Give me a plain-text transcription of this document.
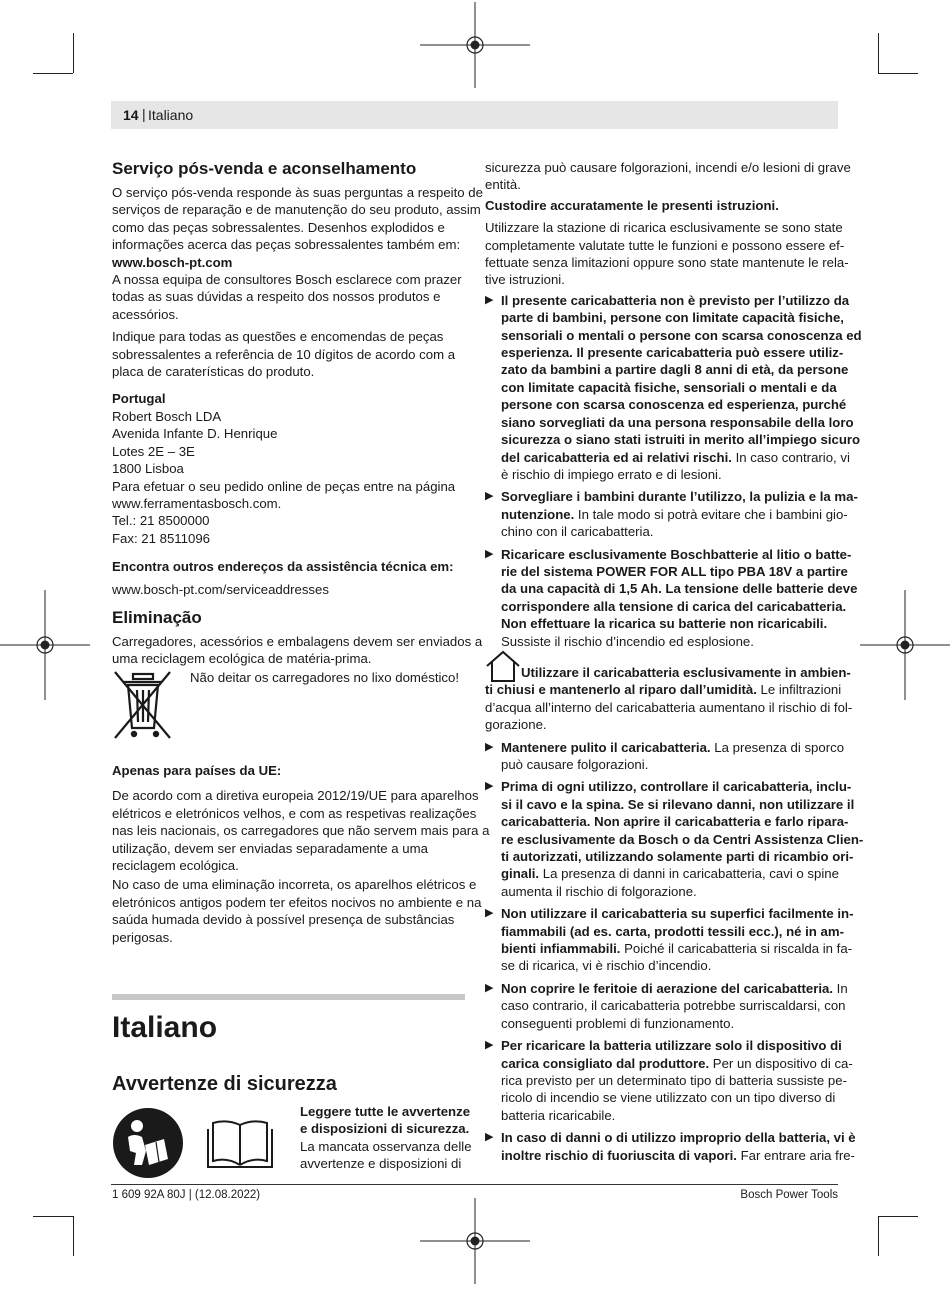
14 | Italiano
Serviço pós-venda e aconselhamento
O serviço pós-venda responde às suas perguntas a respeito de
serviços de reparação e de manutenção do seu produto, assim
como das peças sobressalentes. Desenhos explodidos e
informações acerca das peças sobressalentes também em:
www.bosch-pt.com
A nossa equipa de consultores Bosch esclarece com prazer
todas as suas dúvidas a respeito dos nossos produtos e
acessórios.
Indique para todas as questões e encomendas de peças
sobressalentes a referência de 10 dígitos de acordo com a
placa de caraterísticas do produto.
Portugal
Robert Bosch LDA
Avenida Infante D. Henrique
Lotes 2E – 3E
1800 Lisboa
Para efetuar o seu pedido online de peças entre na página
www.ferramentasbosch.com.
Tel.: 21 8500000
Fax: 21 8511096
Encontra outros endereços da assistência técnica em:
www.bosch-pt.com/serviceaddresses
Eliminação
Carregadores, acessórios e embalagens devem ser enviados a
uma reciclagem ecológica de matéria-prima.
Não deitar os carregadores no lixo doméstico!
Apenas para países da UE:
De acordo com a diretiva europeia 2012/19/UE para aparelhos
elétricos e eletrónicos velhos, e com as respetivas realizações
nas leis nacionais, os carregadores que não servem mais para a
utilização, devem ser enviadas separadamente a uma
reciclagem ecológica.
No caso de uma eliminação incorreta, os aparelhos elétricos e
eletrónicos antigos podem ter efeitos nocivos no ambiente e na
saúda humada devido à possível presença de substâncias
perigosas.
Italiano
Avvertenze di sicurezza
Leggere tutte le avvertenze
e disposizioni di sicurezza.
La mancata osservanza delle
avvertenze e disposizioni di
sicurezza può causare folgorazioni, incendi e/o lesioni di grave
entità.

Custodire accuratamente le presenti istruzioni.

Utilizzare la stazione di ricarica esclusivamente se sono state
completamente valutate tutte le funzioni e possono essere ef-
fettuate senza limitazioni oppure sono state mantenute le rela-
tive istruzioni.
▶ Il presente caricabatteria non è previsto per l’utilizzo da
parte di bambini, persone con limitate capacità fisiche,
sensoriali o mentali o persone con scarsa conoscenza ed
esperienza. Il presente caricabatteria può essere utiliz-
zato da bambini a partire dagli 8 anni di età, da persone
con limitate capacità fisiche, sensoriali o mentali e da
persone con scarsa conoscenza ed esperienza, purché
siano sorvegliati da una persona responsabile della loro
sicurezza o siano stati istruiti in merito all’impiego sicuro
del caricabatteria ed ai relativi rischi. In caso contrario, vi
è rischio di impiego errato e di lesioni.
▶ Sorvegliare i bambini durante l’utilizzo, la pulizia e la ma-
nutenzione. In tale modo si potrà evitare che i bambini gio-
chino con il caricabatteria.
▶ Ricaricare esclusivamente Boschbatterie al litio o batte-
rie del sistema POWER FOR ALL tipo PBA 18V a partire
da una capacità di 1,5 Ah. La tensione delle batterie deve
corrispondere alla tensione di carica del caricabatteria.
Non effettuare la ricarica su batterie non ricaricabili.
Sussiste il rischio d’incendio ed esplosione.
Utilizzare il caricabatteria esclusivamente in ambien-
ti chiusi e mantenerlo al riparo dall’umidità. Le infiltrazioni
d’acqua all’interno del caricabatteria aumentano il rischio di fol-
gorazione.
▶ Mantenere pulito il caricabatteria. La presenza di sporco
può causare folgorazioni.
▶ Prima di ogni utilizzo, controllare il caricabatteria, inclu-
si il cavo e la spina. Se si rilevano danni, non utilizzare il
caricabatteria. Non aprire il caricabatteria e farlo ripara-
re esclusivamente da Bosch o da Centri Assistenza Clien-
ti autorizzati, utilizzando solamente parti di ricambio ori-
ginali. La presenza di danni in caricabatteria, cavi o spine
aumenta il rischio di folgorazione.
▶ Non utilizzare il caricabatteria su superfici facilmente in-
fiammabili (ad es. carta, prodotti tessili ecc.), né in am-
bienti infiammabili. Poiché il caricabatteria si riscalda in fa-
se di ricarica, vi è rischio d’incendio.
▶ Non coprire le feritoie di aerazione del caricabatteria. In
caso contrario, il caricabatteria potrebbe surriscaldarsi, con
conseguenti problemi di funzionamento.
▶ Per ricaricare la batteria utilizzare solo il dispositivo di
carica consigliato dal produttore. Per un dispositivo di ca-
rica previsto per un determinato tipo di batteria sussiste pe-
ricolo di incendio se viene utilizzato con un tipo diverso di
batteria ricaricabile.
▶ In caso di danni o di utilizzo improprio della batteria, vi è
inoltre rischio di fuoriuscita di vapori. Far entrare aria fre-
1 609 92A 80J | (12.08.2022)	Bosch Power Tools
